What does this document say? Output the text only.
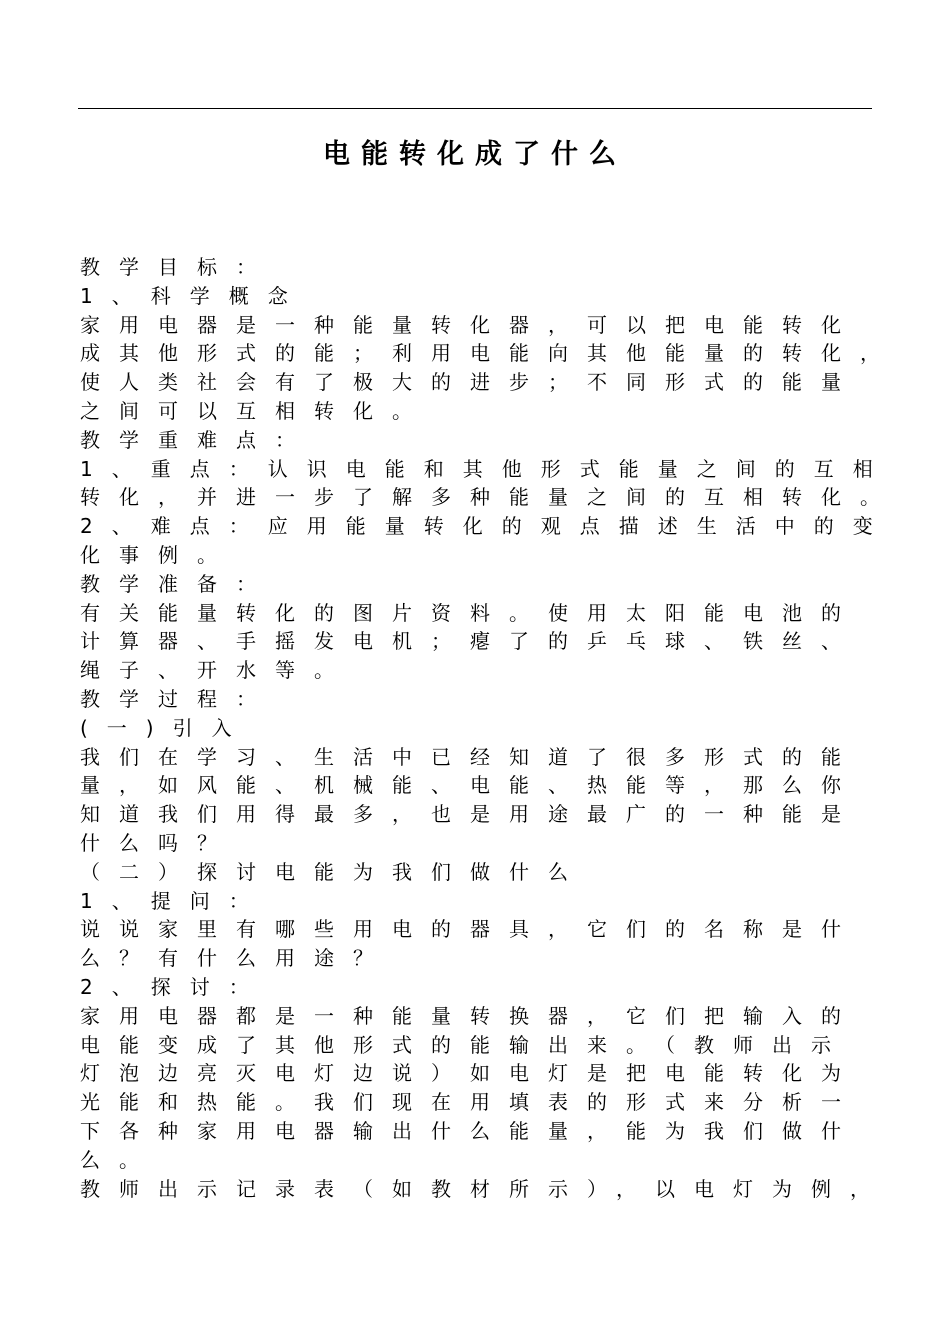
电能转化成了什么
教学目标：
1、科学概念
家用电器是一种能量转化器，可以把电能转化
成其他形式的能；利用电能向其他能量的转化，
使人类社会有了极大的进步；不同形式的能量
之间可以互相转化。
教学重难点：
1、重点：认识电能和其他形式能量之间的互相
转化，并进一步了解多种能量之间的互相转化。
2、难点：应用能量转化的观点描述生活中的变
化事例。
教学准备：
有关能量转化的图片资料。使用太阳能电池的
计算器、手摇发电机；瘪了的乒乓球、铁丝、
绳子、开水等。
教学过程：
(一)引入
我们在学习、生活中已经知道了很多形式的能
量，如风能、机械能、电能、热能等，那么你
知道我们用得最多，也是用途最广的一种能是
什么吗？
（二）探讨电能为我们做什么
1、提问：
说说家里有哪些用电的器具，它们的名称是什
么？有什么用途？
2、探讨：
家用电器都是一种能量转换器，它们把输入的
电能变成了其他形式的能输出来。（教师出示
灯泡边亮灭电灯边说）如电灯是把电能转化为
光能和热能。我们现在用填表的形式来分析一
下各种家用电器输出什么能量，能为我们做什
么。
教师出示记录表（如教材所示），以电灯为例，
